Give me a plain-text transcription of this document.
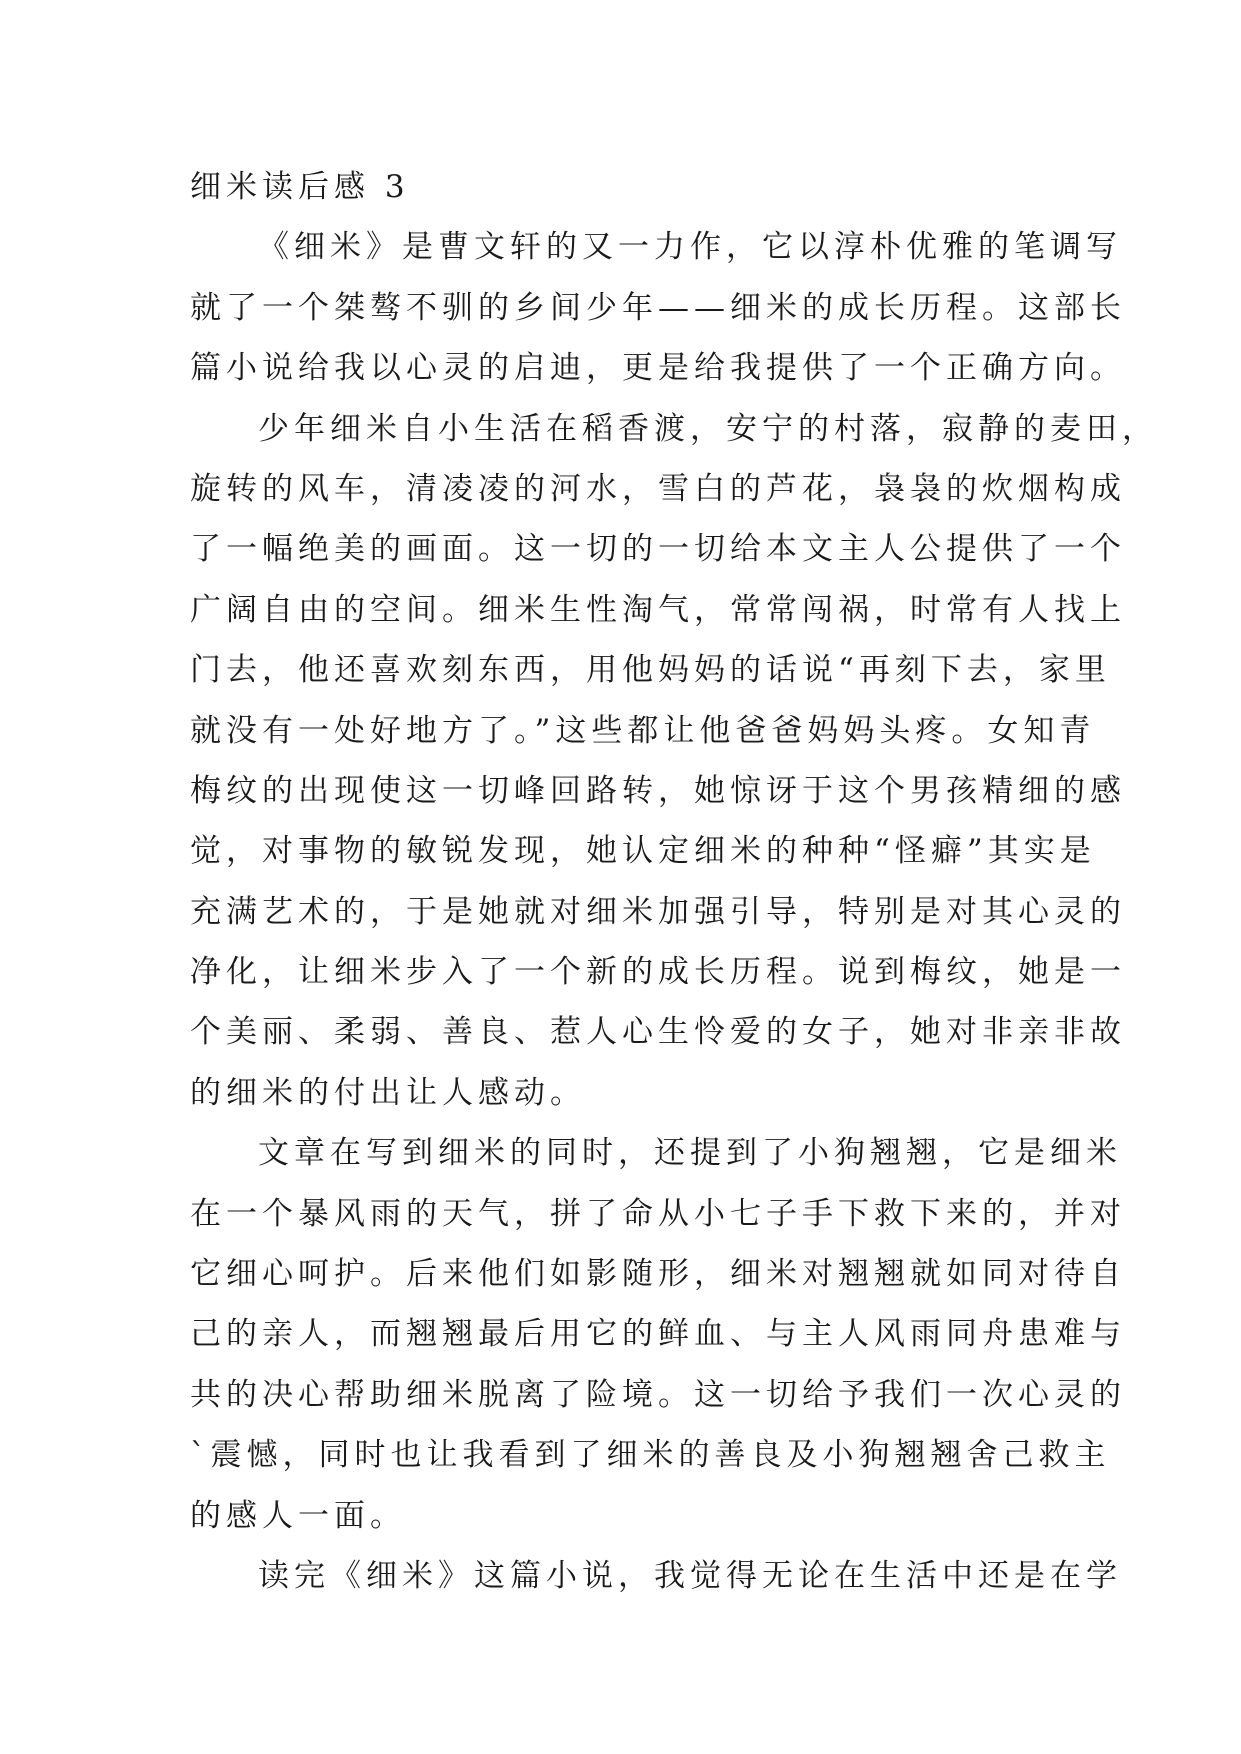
细米读后感 3
《细米》是曹文轩的又一力作，它以淳朴优雅的笔调写
就了一个桀骜不驯的乡间少年——细米的成长历程。这部长
篇小说给我以心灵的启迪，更是给我提供了一个正确方向。
少年细米自小生活在稻香渡，安宁的村落，寂静的麦田，
旋转的风车，清凌凌的河水，雪白的芦花，袅袅的炊烟构成
了一幅绝美的画面。这一切的一切给本文主人公提供了一个
广阔自由的空间。细米生性淘气，常常闯祸，时常有人找上
门去，他还喜欢刻东西，用他妈妈的话说“再刻下去，家里
就没有一处好地方了。”这些都让他爸爸妈妈头疼。女知青
梅纹的出现使这一切峰回路转，她惊讶于这个男孩精细的感
觉，对事物的敏锐发现，她认定细米的种种“怪癖”其实是
充满艺术的，于是她就对细米加强引导，特别是对其心灵的
净化，让细米步入了一个新的成长历程。说到梅纹，她是一
个美丽、柔弱、善良、惹人心生怜爱的女子，她对非亲非故
的细米的付出让人感动。
文章在写到细米的同时，还提到了小狗翘翘，它是细米
在一个暴风雨的天气，拼了命从小七子手下救下来的，并对
它细心呵护。后来他们如影随形，细米对翘翘就如同对待自
己的亲人，而翘翘最后用它的鲜血、与主人风雨同舟患难与
共的决心帮助细米脱离了险境。这一切给予我们一次心灵的
`震憾，同时也让我看到了细米的善良及小狗翘翘舍己救主
的感人一面。
读完《细米》这篇小说，我觉得无论在生活中还是在学
